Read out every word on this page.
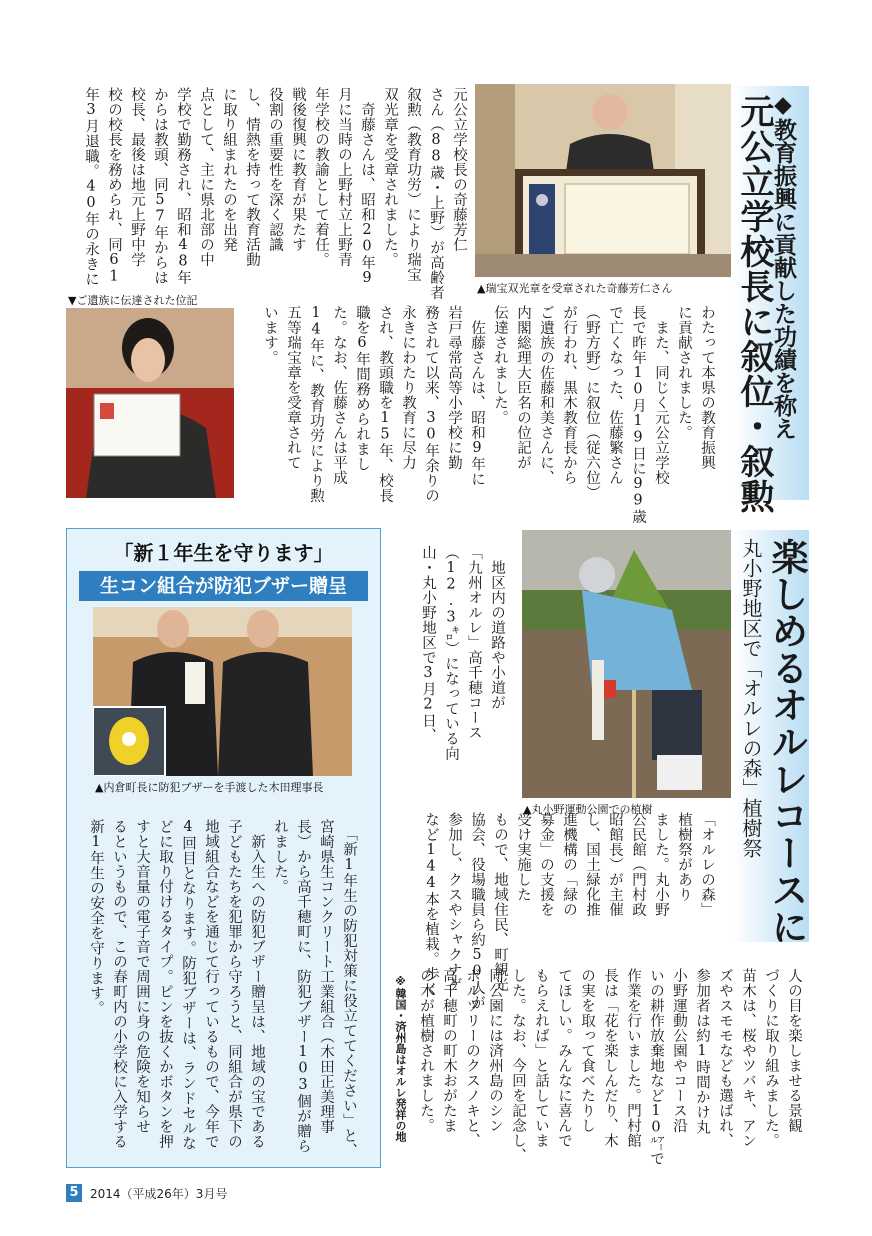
◆教育振興に貢献した功績を称え
元公立学校長に叙位・叙勲
元公立学校長の奇藤芳仁
さん（88歳・上野）が高齢者
叙勲（教育功労）により瑞宝
双光章を受章されました。
　奇藤さんは、昭和20年9
月に当時の上野村立上野青
年学校の教諭として着任。
戦後復興に教育が果たす
役割の重要性を深く認識
し、情熱を持って教育活動
に取り組まれたのを出発
点として、主に県北部の中
学校で勤務され、昭和48年
からは教頭、同57年からは
校長、最後は地元上野中学
校の校長を務められ、同61
年3月退職。40年の永きに
▲瑞宝双光章を受章された奇藤芳仁さん
▼ご遺族に伝達された位記
わたって本県の教育振興
に貢献されました。
　また、同じく元公立学校
長で昨年10月19日に99歳
で亡くなった、佐藤繁さん
（野方野）に叙位（従六位）
が行われ、黒木教育長から
ご遺族の佐藤和美さんに、
内閣総理大臣名の位記が
伝達されました。
　佐藤さんは、昭和9年に
岩戸尋常高等小学校に勤
務されて以来、30年余りの
永きにわたり教育に尽力
され、教頭職を15年、校長
職を6年間務められまし
た。なお、佐藤さんは平成
14年に、教育功労により勲
五等瑞宝章を受章されて
います。
楽しめるオルレコースに
丸小野地区で「オルレの森」植樹祭
▲丸小野運動公園での植樹
　地区内の道路や小道が
「九州オルレ」高千穂コース
（12.3㌔）になっている向
山・丸小野地区で3月2日、
「オルレの森」
植樹祭があり
ました。丸小野
公民館（門村政
昭館長）が主催
し、国土緑化推
進機構の「緑の
募金」の支援を
受け実施した
もので、地域住民、町観光
協会、役場職員ら約50人が
参加し、クスやシャクナゲ
など144本を植栽。歩く
人の目を楽しませる景観
づくりに取り組みました。
苗木は、桜やツバキ、アン
ズやスモモなども選ばれ、
参加者は約1時間かけ丸
小野運動公園やコース沿
いの耕作放棄地など10㌃で
作業を行いました。門村館
長は「花を楽しんだり、木
の実を取って食べたりし
てほしい。みんなに喜んで
もらえれば」と話していま
した。なお、今回を記念し、
同公園には済州島のシン
ボルツリーのクスノキと、
高千穂町の町木おがたま
の木が植樹されました。
※韓国・済州島はオルレ発祥の地
「新１年生を守ります」
生コン組合が防犯ブザー贈呈
▲内倉町長に防犯ブザーを手渡した木田理事長
　「新1年生の防犯対策に役立ててください」と、
宮崎県生コンクリート工業組合（木田正美理事
長）から高千穂町に、防犯ブザー103個が贈ら
れました。
　新入生への防犯ブザー贈呈は、地域の宝である
子どもたちを犯罪から守ろうと、同組合が県下の
地域組合などを通じて行っているもので、今年で
4回目となります。防犯ブザーは、ランドセルな
どに取り付けるタイプ。ピンを抜くかボタンを押
すと大音量の電子音で周囲に身の危険を知らせ
るというもので、この春町内の小学校に入学する
新1年生の安全を守ります。
5 2014（平成26年）3月号
